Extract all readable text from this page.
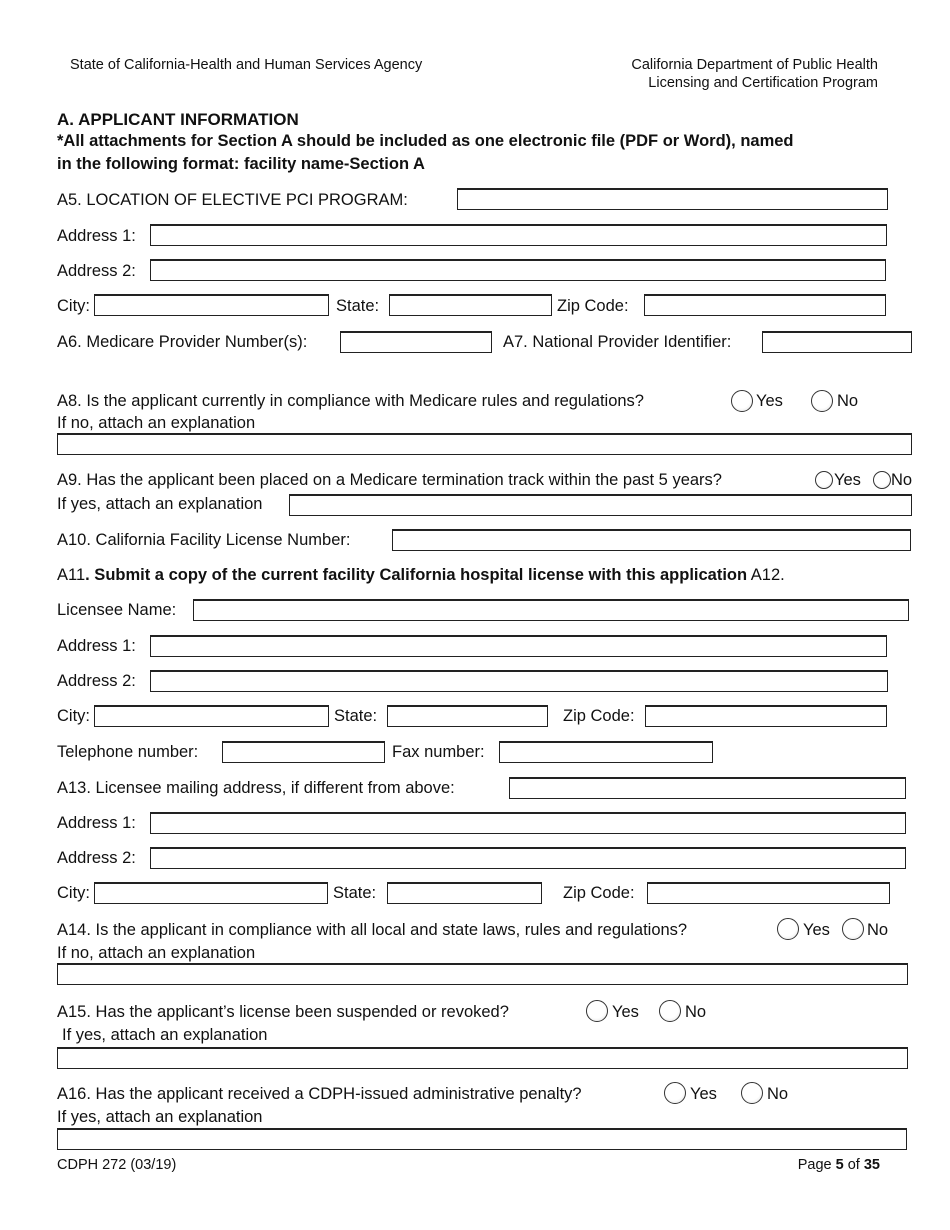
State of California-Health and Human Services Agency	California Department of Public Health
Licensing and Certification Program
A. APPLICANT INFORMATION
*All attachments for Section A should be included as one electronic file (PDF or Word), named
in the following format: facility name-Section A
A5. LOCATION OF ELECTIVE PCI PROGRAM:
Address 1:
Address 2:
City:	State:	Zip Code:
A6. Medicare Provider Number(s):	A7. National Provider Identifier:
A8. Is the applicant currently in compliance with Medicare rules and regulations?	Yes	No
If no, attach an explanation
A9. Has the applicant been placed on a Medicare termination track within the past 5 years?	Yes No
If yes, attach an explanation
A10. California Facility License Number:
A11. Submit a copy of the current facility California hospital license with this application A12.
Licensee Name:
Address 1:
Address 2:
City:	State:	Zip Code:
Telephone number:	Fax number:
A13. Licensee mailing address, if different from above:
Address 1:
Address 2:
City:	State:	Zip Code:
A14. Is the applicant in compliance with all local and state laws, rules and regulations?	Yes No
If no, attach an explanation
A15. Has the applicant’s license been suspended or revoked?	Yes	No
If yes, attach an explanation
A16. Has the applicant received a CDPH-issued administrative penalty?	Yes	No
If yes, attach an explanation
CDPH 272 (03/19)	Page 5 of 35
